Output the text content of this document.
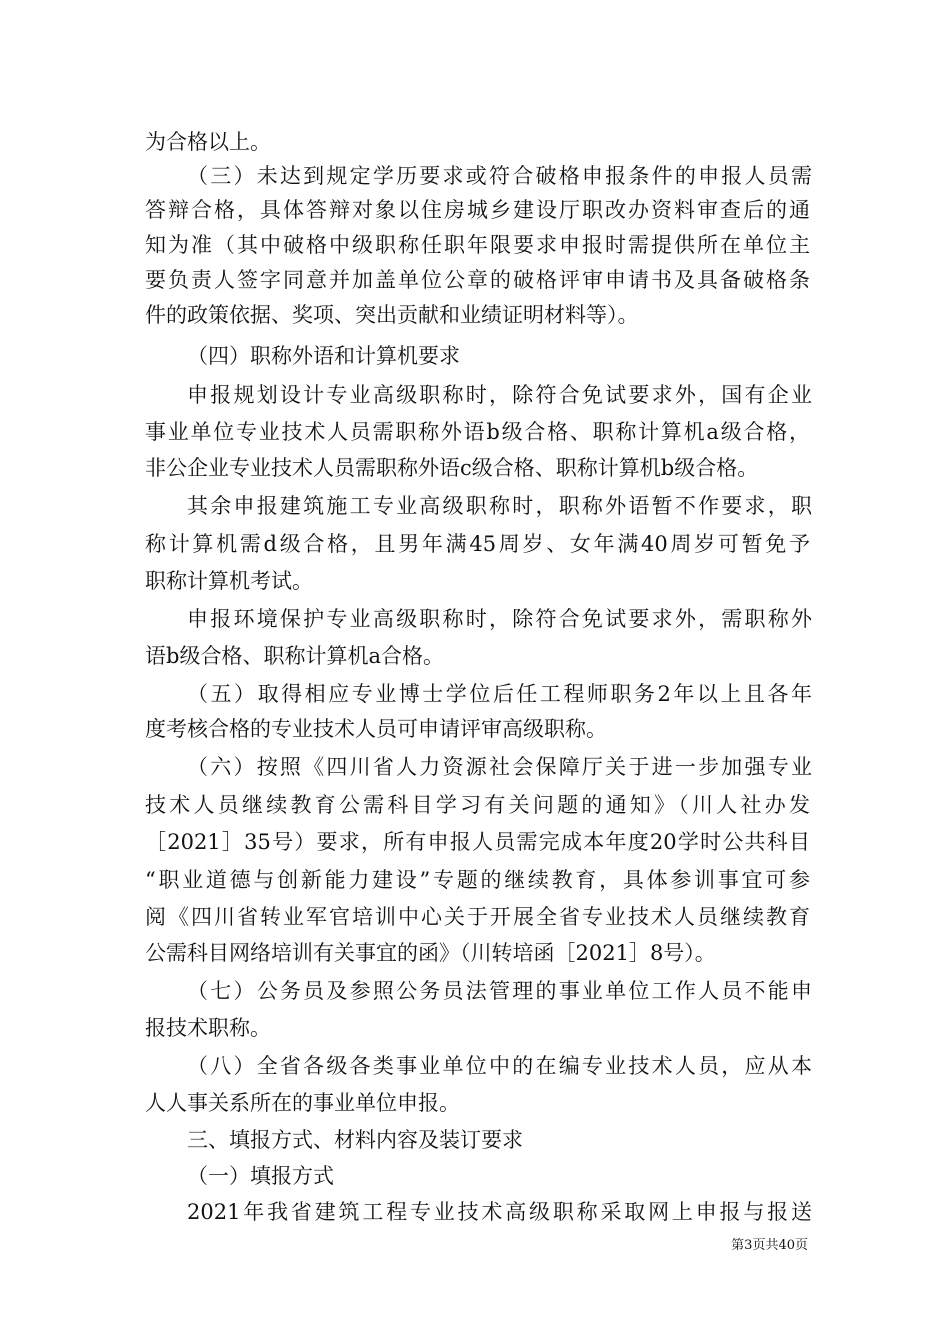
为合格以上。
（三）未达到规定学历要求或符合破格申报条件的申报人员需
答辩合格，具体答辩对象以住房城乡建设厅职改办资料审查后的通
知为准（其中破格中级职称任职年限要求申报时需提供所在单位主
要负责人签字同意并加盖单位公章的破格评审申请书及具备破格条
件的政策依据、奖项、突出贡献和业绩证明材料等）。
（四）职称外语和计算机要求
申报规划设计专业高级职称时，除符合免试要求外，国有企业
事业单位专业技术人员需职称外语b级合格、职称计算机a级合格，
非公企业专业技术人员需职称外语c级合格、职称计算机b级合格。
其余申报建筑施工专业高级职称时，职称外语暂不作要求，职
称计算机需d级合格，且男年满45周岁、女年满40周岁可暂免予
职称计算机考试。
申报环境保护专业高级职称时，除符合免试要求外，需职称外
语b级合格、职称计算机a合格。
（五）取得相应专业博士学位后任工程师职务2年以上且各年
度考核合格的专业技术人员可申请评审高级职称。
（六）按照《四川省人力资源社会保障厅关于进一步加强专业
技术人员继续教育公需科目学习有关问题的通知》（川人社办发
［2021］35号）要求，所有申报人员需完成本年度20学时公共科目
“职业道德与创新能力建设”专题的继续教育，具体参训事宜可参
阅《四川省转业军官培训中心关于开展全省专业技术人员继续教育
公需科目网络培训有关事宜的函》（川转培函［2021］8号）。
（七）公务员及参照公务员法管理的事业单位工作人员不能申
报技术职称。
（八）全省各级各类事业单位中的在编专业技术人员，应从本
人人事关系所在的事业单位申报。
三、填报方式、材料内容及装订要求
（一）填报方式
2021年我省建筑工程专业技术高级职称采取网上申报与报送
第3页共40页
